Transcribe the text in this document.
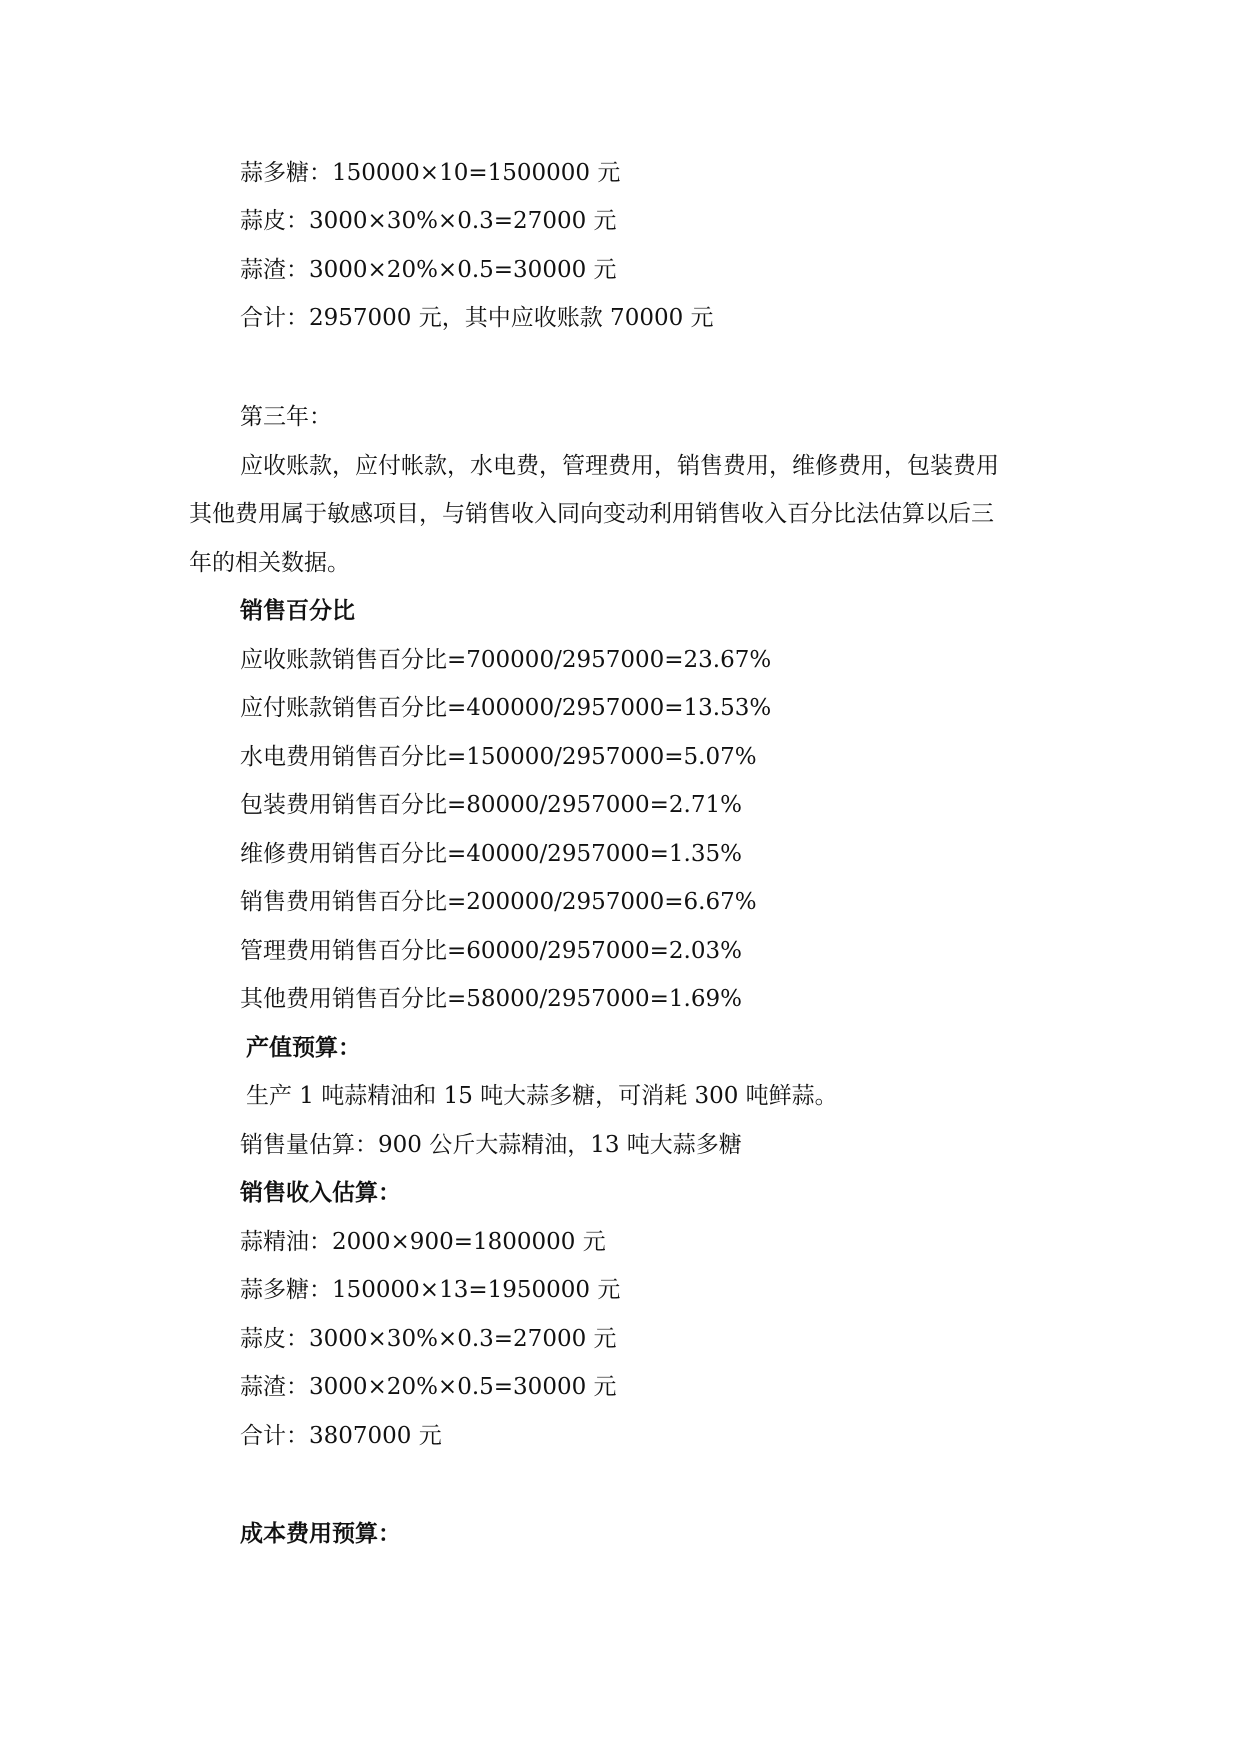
蒜多糖：150000×10=1500000 元

蒜皮：3000×30%×0.3=27000 元

蒜渣：3000×20%×0.5=30000 元

合计：2957000 元，其中应收账款 70000 元

第三年：

应收账款，应付帐款，水电费，管理费用，销售费用，维修费用，包装费用

其他费用属于敏感项目，与销售收入同向变动利用销售收入百分比法估算以后三

年的相关数据。

销售百分比

应收账款销售百分比=700000/2957000=23.67%

应付账款销售百分比=400000/2957000=13.53%

水电费用销售百分比=150000/2957000=5.07%

包装费用销售百分比=80000/2957000=2.71%

维修费用销售百分比=40000/2957000=1.35%

销售费用销售百分比=200000/2957000=6.67%

管理费用销售百分比=60000/2957000=2.03%

其他费用销售百分比=58000/2957000=1.69%

产值预算：

生产 1 吨蒜精油和 15 吨大蒜多糖，可消耗 300 吨鲜蒜。

销售量估算：900 公斤大蒜精油，13 吨大蒜多糖

销售收入估算：

蒜精油：2000×900=1800000 元

蒜多糖：150000×13=1950000 元

蒜皮：3000×30%×0.3=27000 元

蒜渣：3000×20%×0.5=30000 元

合计：3807000 元

成本费用预算：
